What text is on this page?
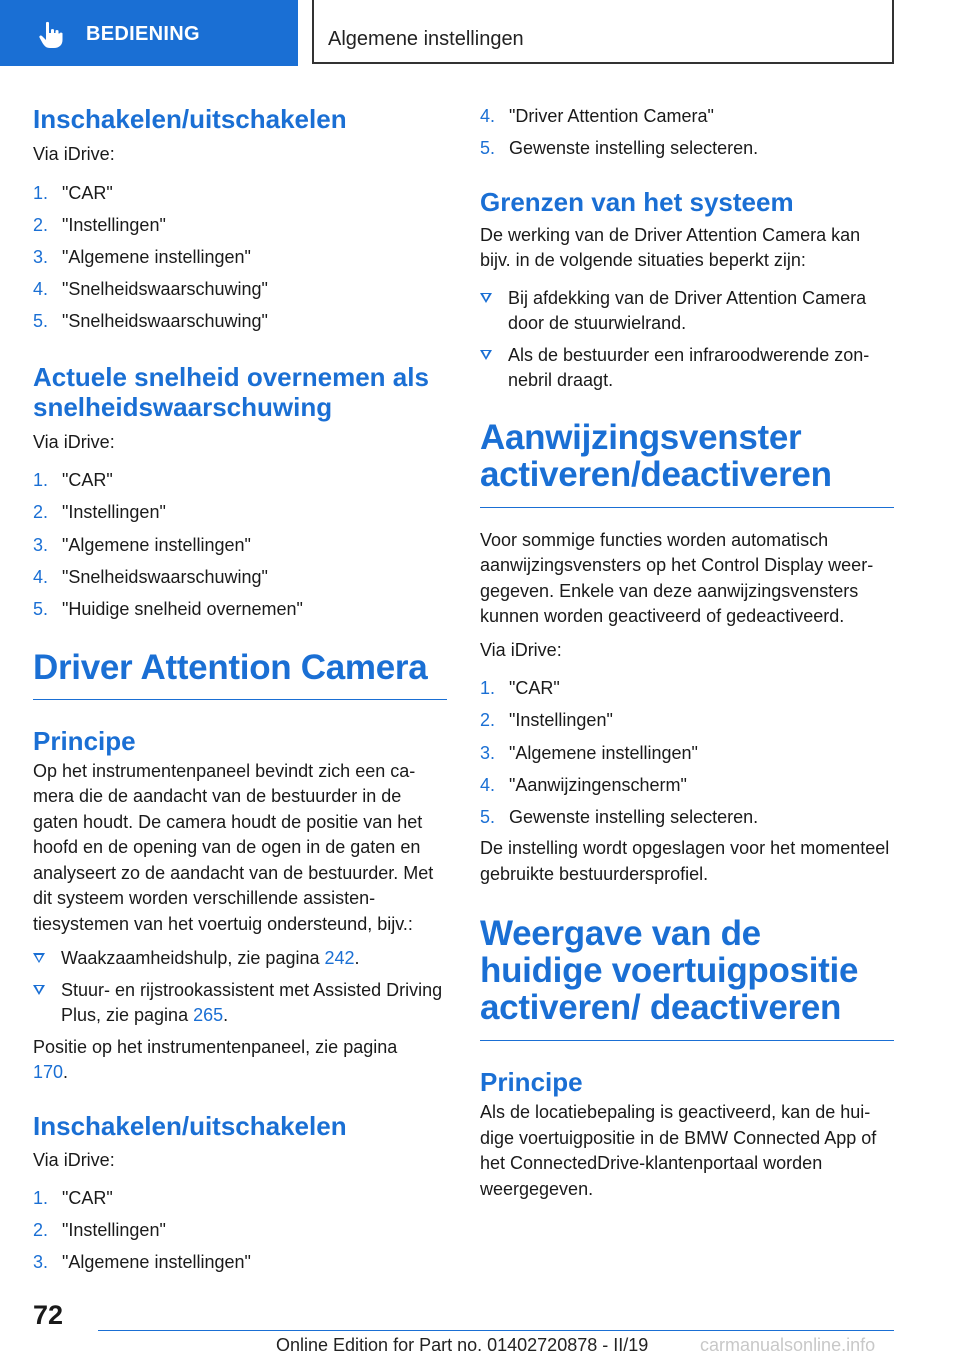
BEDIENING	Algemene instellingen
Inschakelen/uitschakelen

Via iDrive:

1. "CAR"
2. "Instellingen"
3. "Algemene instellingen"
4. "Snelheidswaarschuwing"
5. "Snelheidswaarschuwing"
Actuele snelheid overnemen als snelheidswaarschuwing

Via iDrive:

1. "CAR"
2. "Instellingen"
3. "Algemene instellingen"
4. "Snelheidswaarschuwing"
5. "Huidige snelheid overnemen"
Driver Attention Camera
Principe

Op het instrumentenpaneel bevindt zich een camera die de aandacht van de bestuurder in de gaten houdt. De camera houdt de positie van het hoofd en de opening van de ogen in de gaten en analyseert zo de aandacht van de bestuurder. Met dit systeem worden verschillende assistentiesystemen van het voertuig ondersteund, bijv.:

Waakzaamheidshulp, zie pagina 242.
Stuur- en rijstrookassistent met Assisted Driving Plus, zie pagina 265.

Positie op het instrumentenpaneel, zie pagina 170.

Inschakelen/uitschakelen

Via iDrive:

1. "CAR"
2. "Instellingen"
3. "Algemene instellingen"
4. "Driver Attention Camera"
5. Gewenste instelling selecteren.
Grenzen van het systeem

De werking van de Driver Attention Camera kan bijv. in de volgende situaties beperkt zijn:

Bij afdekking van de Driver Attention Camera door de stuurwielrand.
Als de bestuurder een infraroodwerende zonnebril draagt.
Aanwijzingsvenster activeren/deactiveren

Voor sommige functies worden automatisch aanwijzingsvensters op het Control Display weergegeven. Enkele van deze aanwijzingsvensters kunnen worden geactiveerd of gedeactiveerd.

Via iDrive:

1. "CAR"
2. "Instellingen"
3. "Algemene instellingen"
4. "Aanwijzingenscherm"
5. Gewenste instelling selecteren.

De instelling wordt opgeslagen voor het momenteel gebruikte bestuurdersprofiel.

Weergave van de huidige voertuigpositie activeren/ deactiveren
Principe

Als de locatiebepaling is geactiveerd, kan de huidige voertuigpositie in de BMW Connected App of het ConnectedDrive-klantenportaal worden weergegeven.

72
Online Edition for Part no. 01402720878 - II/19	carmanualsonline.info
